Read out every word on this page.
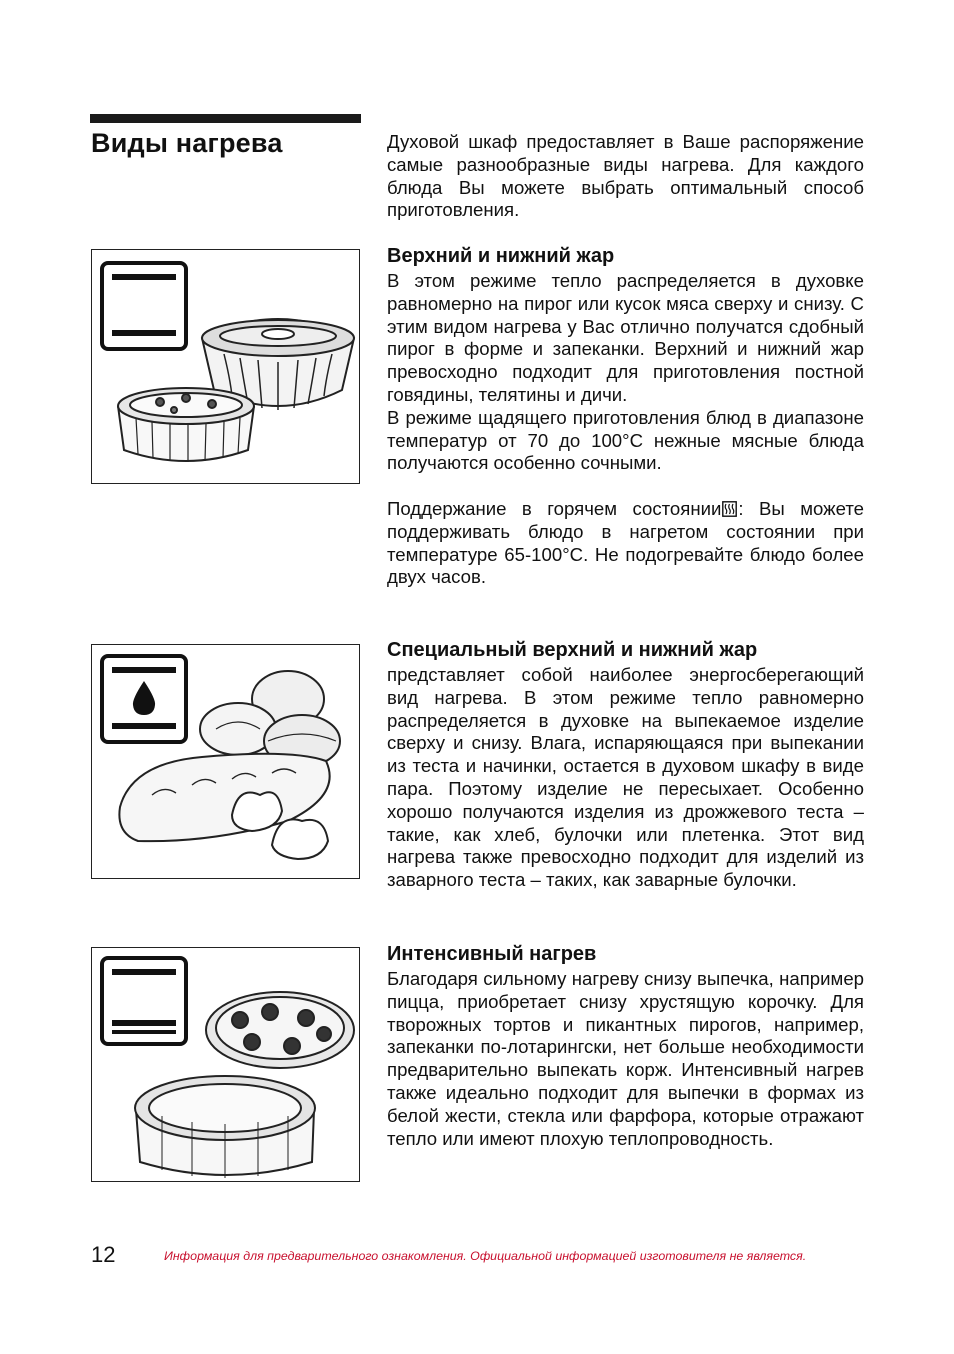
Виды нагрева	Духовой шкаф предоставляет в Ваше распоряжение самые разнообразные виды нагрева. Для каждого блюда Вы можете выбрать оптимальный способ приготовления.

Верхний и нижний жар

В этом режиме тепло распределяется в духовке равномерно на пирог или кусок мяса сверху и снизу. С этим видом нагрева у Вас отлично получатся сдобный пирог в форме и запеканки. Верхний и нижний жар превосходно подходит для приготовления постной говядины, телятины и дичи.

В режиме щадящего приготовления блюд в диапазоне температур от 70 до 100°C нежные мясные блюда получаются особенно сочными.

Поддержание в горячем состоянии : Вы можете поддерживать блюдо в нагретом состоянии при температуре 65-100°C. Не подогревайте блюдо более двух часов.

Специальный верхний и нижний жар

представляет собой наиболее энергосберегающий вид нагрева. В этом режиме тепло равномерно распределяется в духовке на выпекаемое изделие сверху и снизу. Влага, испаряющаяся при выпекании из теста и начинки, остается в духовом шкафу в виде пара. Поэтому изделие не пересыхает. Особенно хорошо получаются изделия из дрожжевого теста – такие, как хлеб, булочки или плетенка. Этот вид нагрева также превосходно подходит для изделий из заварного теста – таких, как заварные булочки.

Интенсивный нагрев

Благодаря сильному нагреву снизу выпечка, например пицца, приобретает снизу хрустящую корочку. Для творожных тортов и пикантных пирогов, например, запеканки по-лотарингски, нет больше необходимости предварительно выпекать корж. Интенсивный нагрев также идеально подходит для выпечки в формах из белой жести, стекла или фарфора, которые отражают тепло или имеют плохую теплопроводность.

12	Информация для предварительного ознакомления. Официальной информацией изготовителя не является.
